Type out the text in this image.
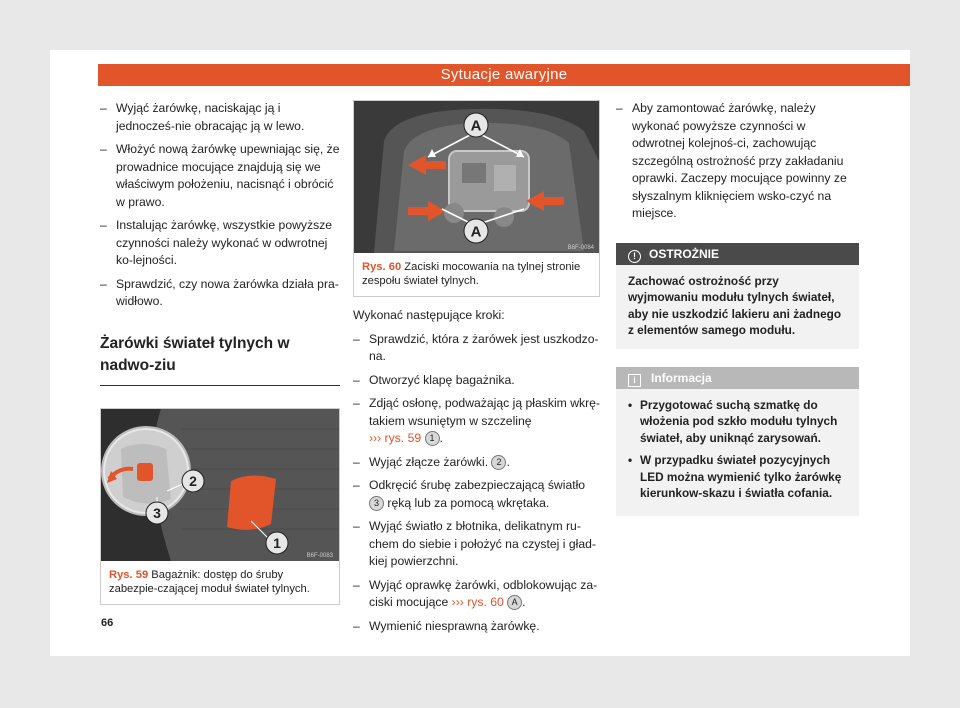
Sytuacje awaryjne
– Wyjąć żarówkę, naciskając ją i jednocześ-nie obracając ją w lewo.
– Włożyć nową żarówkę upewniając się, że prowadnice mocujące znajdują się we właściwym położeniu, nacisnąć i obrócić w prawo.
– Instalując żarówkę, wszystkie powyższe czynności należy wykonać w odwrotnej ko-lejności.
– Sprawdzić, czy nowa żarówka działa pra-widłowo.
Żarówki świateł tylnych w nadwo-ziu
1
2
3
B6F-0083
Rys. 59 Bagażnik: dostęp do śruby zabezpie-czającej moduł świateł tylnych.
A
A
B6F-0084
Rys. 60 Zaciski mocowania na tylnej stronie zespołu świateł tylnych.
Wykonać następujące kroki:
– Sprawdzić, która z żarówek jest uszkodzo-na.
– Otworzyć klapę bagażnika.
– Zdjąć osłonę, podważając ją płaskim wkrę-takiem wsuniętym w szczelinę
››› rys. 59 1 .
– Wyjąć złącze żarówki. 2 .
– Odkręcić śrubę zabezpieczającą światło
3 ręką lub za pomocą wkrętaka.
– Wyjąć światło z błotnika, delikatnym ru-chem do siebie i położyć na czystej i gład-kiej powierzchni.
– Wyjąć oprawkę żarówki, odblokowując za-ciski mocujące ››› rys. 60 A .
– Wymienić niesprawną żarówkę.
– Aby zamontować żarówkę, należy wykonać powyższe czynności w odwrotnej kolejnoś-ci, zachowując szczególną ostrożność przy zakładaniu oprawki. Zaczepy mocujące powinny ze słyszalnym kliknięciem wsko-czyć na miejsce.
! OSTROŻNIE
Zachować ostrożność przy wyjmowaniu modułu tylnych świateł, aby nie uszkodzić lakieru ani żadnego z elementów samego modułu.
i Informacja
• Przygotować suchą szmatkę do włożenia pod szkło modułu tylnych świateł, aby uniknąć zarysowań.
• W przypadku świateł pozycyjnych LED można wymienić tylko żarówkę kierunkow-skazu i światła cofania.
66
